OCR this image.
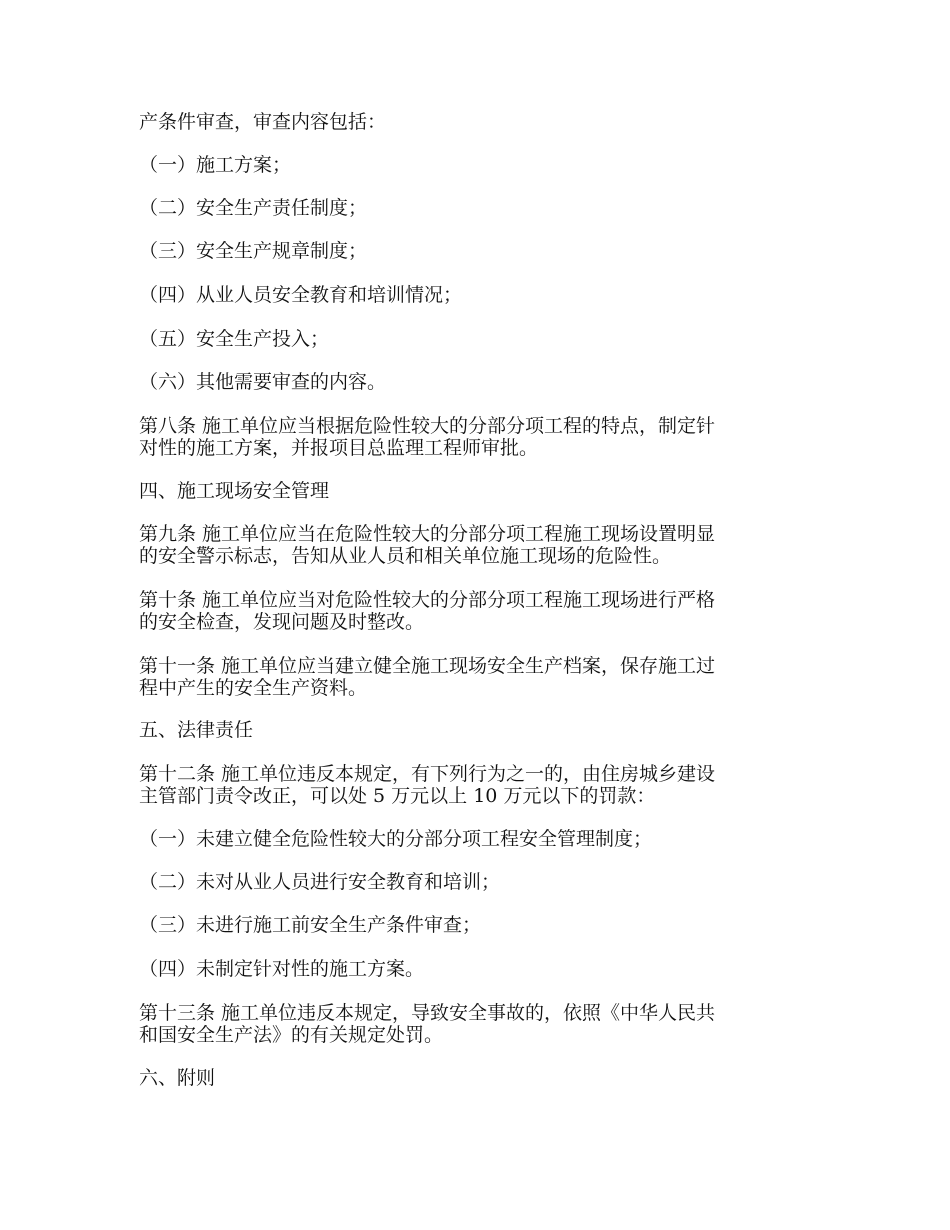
产条件审查，审查内容包括：
（一）施工方案；
（二）安全生产责任制度；
（三）安全生产规章制度；
（四）从业人员安全教育和培训情况；
（五）安全生产投入；
（六）其他需要审查的内容。
第八条 施工单位应当根据危险性较大的分部分项工程的特点，制定针
对性的施工方案，并报项目总监理工程师审批。
四、施工现场安全管理
第九条 施工单位应当在危险性较大的分部分项工程施工现场设置明显
的安全警示标志，告知从业人员和相关单位施工现场的危险性。
第十条 施工单位应当对危险性较大的分部分项工程施工现场进行严格
的安全检查，发现问题及时整改。
第十一条 施工单位应当建立健全施工现场安全生产档案，保存施工过
程中产生的安全生产资料。
五、法律责任
第十二条 施工单位违反本规定，有下列行为之一的，由住房城乡建设
主管部门责令改正，可以处 5 万元以上 10 万元以下的罚款：
（一）未建立健全危险性较大的分部分项工程安全管理制度；
（二）未对从业人员进行安全教育和培训；
（三）未进行施工前安全生产条件审查；
（四）未制定针对性的施工方案。
第十三条 施工单位违反本规定，导致安全事故的，依照《中华人民共
和国安全生产法》的有关规定处罚。
六、附则
